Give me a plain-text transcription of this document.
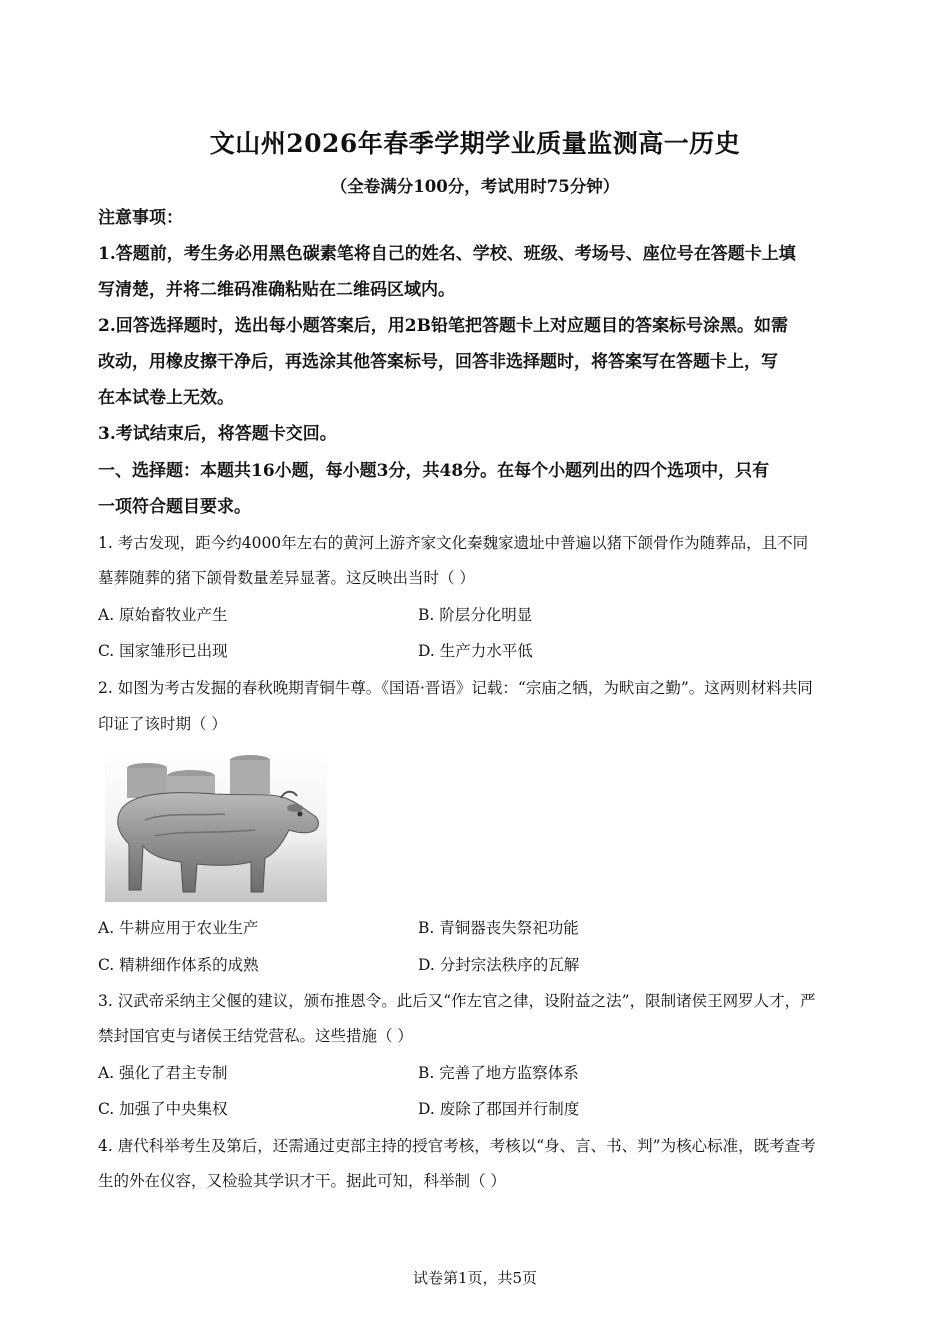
文山州2026年春季学期学业质量监测高一历史
（全卷满分100分，考试用时75分钟）
注意事项：
1.答题前，考生务必用黑色碳素笔将自己的姓名、学校、班级、考场号、座位号在答题卡上填
写清楚，并将二维码准确粘贴在二维码区域内。
2.回答选择题时，选出每小题答案后，用2B铅笔把答题卡上对应题目的答案标号涂黑。如需
改动，用橡皮擦干净后，再选涂其他答案标号，回答非选择题时，将答案写在答题卡上，写
在本试卷上无效。
3.考试结束后，将答题卡交回。
一、选择题：本题共16小题，每小题3分，共48分。在每个小题列出的四个选项中，只有
一项符合题目要求。
1. 考古发现，距今约4000年左右的黄河上游齐家文化秦魏家遗址中普遍以猪下颌骨作为随葬品，且不同
墓葬随葬的猪下颌骨数量差异显著。这反映出当时（ ）
A. 原始畜牧业产生	B. 阶层分化明显
C. 国家雏形已出现	D. 生产力水平低
2. 如图为考古发掘的春秋晚期青铜牛尊。《国语·晋语》记载：“宗庙之牺，为畎亩之勤”。这两则材料共同
印证了该时期（ ）
A. 牛耕应用于农业生产	B. 青铜器丧失祭祀功能
C. 精耕细作体系的成熟	D. 分封宗法秩序的瓦解
3. 汉武帝采纳主父偃的建议，颁布推恩令。此后又“作左官之律，设附益之法”，限制诸侯王网罗人才，严
禁封国官吏与诸侯王结党营私。这些措施（ ）
A. 强化了君主专制	B. 完善了地方监察体系
C. 加强了中央集权	D. 废除了郡国并行制度
4. 唐代科举考生及第后，还需通过吏部主持的授官考核，考核以“身、言、书、判”为核心标准，既考查考
生的外在仪容，又检验其学识才干。据此可知，科举制（ ）
试卷第1页，共5页
